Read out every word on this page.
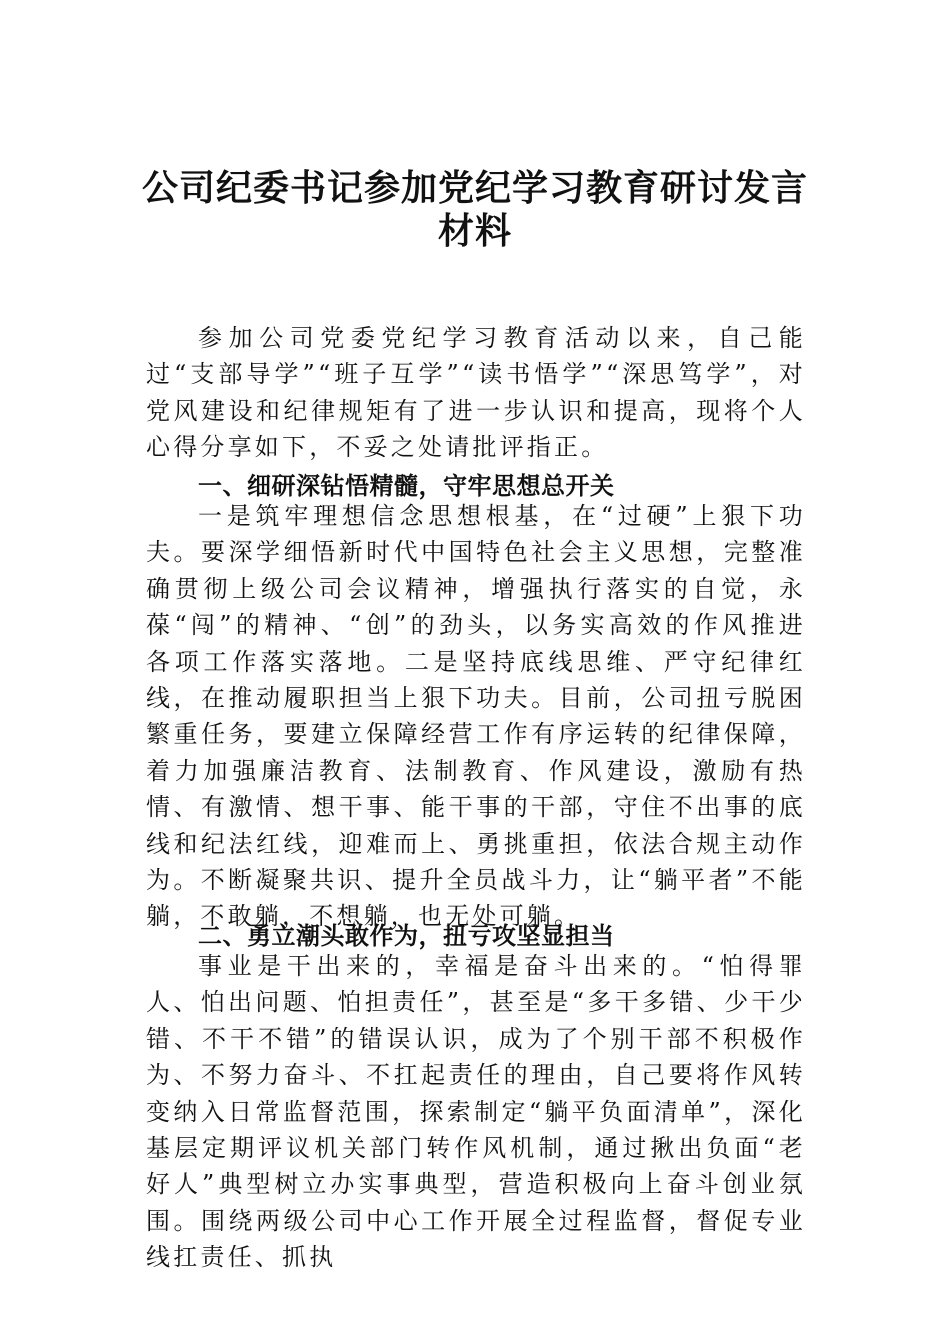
公司纪委书记参加党纪学习教育研讨发言
材料
参加公司党委党纪学习教育活动以来，自己能过“支部导学”“班子互学”“读书悟学”“深思笃学”，对党风建设和纪律规矩有了进一步认识和提高，现将个人心得分享如下，不妥之处请批评指正。
一、细研深钻悟精髓，守牢思想总开关
一是筑牢理想信念思想根基，在“过硬”上狠下功夫。要深学细悟新时代中国特色社会主义思想，完整准确贯彻上级公司会议精神，增强执行落实的自觉，永葆“闯”的精神、“创”的劲头，以务实高效的作风推进各项工作落实落地。二是坚持底线思维、严守纪律红线，在推动履职担当上狠下功夫。目前，公司扭亏脱困繁重任务，要建立保障经营工作有序运转的纪律保障，着力加强廉洁教育、法制教育、作风建设，激励有热情、有激情、想干事、能干事的干部，守住不出事的底线和纪法红线，迎难而上、勇挑重担，依法合规主动作为。不断凝聚共识、提升全员战斗力，让“躺平者”不能躺，不敢躺，不想躺，也无处可躺。
二、勇立潮头敢作为，扭亏攻坚显担当
事业是干出来的，幸福是奋斗出来的。“怕得罪人、怕出问题、怕担责任”，甚至是“多干多错、少干少错、不干不错”的错误认识，成为了个别干部不积极作为、不努力奋斗、不扛起责任的理由，自己要将作风转变纳入日常监督范围，探索制定“躺平负面清单”，深化基层定期评议机关部门转作风机制，通过揪出负面“老好人”典型树立办实事典型，营造积极向上奋斗创业氛围。围绕两级公司中心工作开展全过程监督，督促专业线扛责任、抓执
